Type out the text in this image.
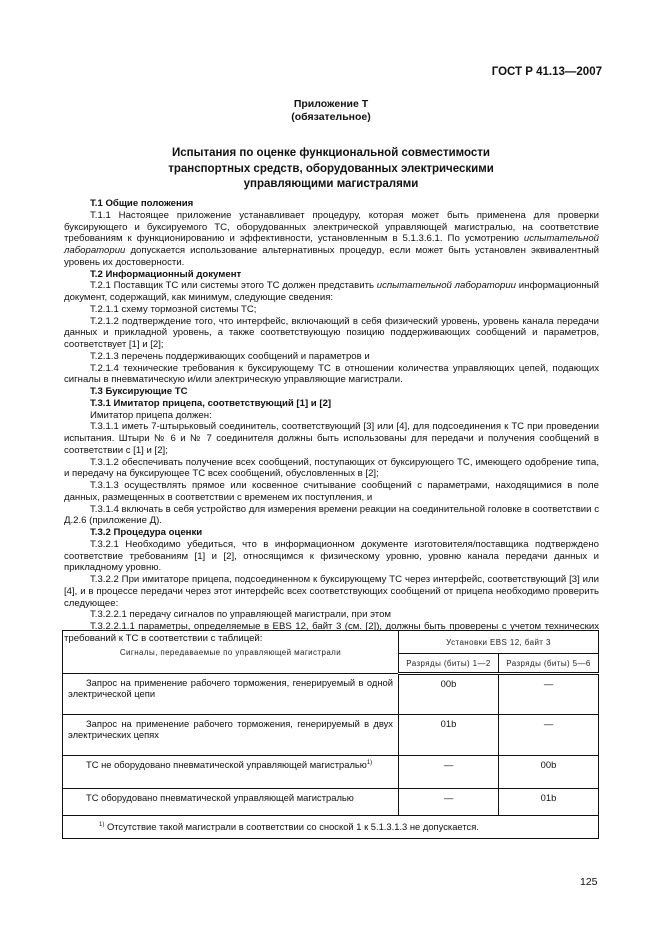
ГОСТ Р 41.13—2007
Приложение Т
(обязательное)
Испытания по оценке функциональной совместимости
транспортных средств, оборудованных электрическими
управляющими магистралями

Т.1 Общие положения

Т.1.1 Настоящее приложение устанавливает процедуру, которая может быть применена для проверки буксирующего и буксируемого ТС, оборудованных электрической управляющей магистралью, на соответствие требованиям к функционированию и эффективности, установленным в 5.1.3.6.1. По усмотрению испытательной лаборатории допускается использование альтернативных процедур, если может быть установлен эквивалентный уровень их достоверности.

Т.2 Информационный документ

Т.2.1 Поставщик ТС или системы этого ТС должен представить испытательной лаборатории информационный документ, содержащий, как минимум, следующие сведения:

Т.2.1.1 схему тормозной системы ТС;

Т.2.1.2 подтверждение того, что интерфейс, включающий в себя физический уровень, уровень канала передачи данных и прикладной уровень, а также соответствующую позицию поддерживающих сообщений и параметров, соответствует [1] и [2];

Т.2.1.3 перечень поддерживающих сообщений и параметров и

Т.2.1.4 технические требования к буксирующему ТС в отношении количества управляющих цепей, подающих сигналы в пневматическую и/или электрическую управляющие магистрали.

Т.3 Буксирующие ТС

Т.3.1 Имитатор прицепа, соответствующий [1] и [2]

Имитатор прицепа должен:

Т.3.1.1 иметь 7-штырьковый соединитель, соответствующий [3] или [4], для подсоединения к ТС при проведении испытания. Штыри № 6 и № 7 соединителя должны быть использованы для передачи и получения сообщений в соответствии с [1] и [2];

Т.3.1.2 обеспечивать получение всех сообщений, поступающих от буксирующего ТС, имеющего одобрение типа, и передачу на буксирующее ТС всех сообщений, обусловленных в [2];

Т.3.1.3 осуществлять прямое или косвенное считывание сообщений с параметрами, находящимися в поле данных, размещенных в соответствии с временем их поступления, и

Т.3.1.4 включать в себя устройство для измерения времени реакции на соединительной головке в соответствии с Д.2.6 (приложение Д).

Т.3.2 Процедура оценки

Т.3.2.1 Необходимо убедиться, что в информационном документе изготовителя/поставщика подтверждено соответствие требованиям [1] и [2], относящимся к физическому уровню, уровню канала передачи данных и прикладному уровню.

Т.3.2.2 При имитаторе прицепа, подсоединенном к буксирующему ТС через интерфейс, соответствующий [3] или [4], и в процессе передачи через этот интерфейс всех соответствующих сообщений от прицепа необходимо проверить следующее:

Т.3.2.2.1 передачу сигналов по управляющей магистрали, при этом

Т.3.2.2.1.1 параметры, определяемые в EBS 12, байт 3 (см. [2]), должны быть проверены с учетом технических требований к ТС в соответствии с таблицей:

Сигналы, передаваемые по управляющей магистрали	Установки EBS 12, байт 3	
	Разряды (биты) 1—2	Разряды (биты) 5—6
Запрос на применение рабочего торможения, генерируемый в одной электрической цепи	00b	—
Запрос на применение рабочего торможения, генерируемый в двух электрических цепях	01b	—
ТС не оборудовано пневматической управляющей магистралью$^{1)}$	—	00b
ТС оборудовано пневматической управляющей магистралью	—	01b
$^{1)}$ Отсутствие такой магистрали в соответствии со сноской 1 к 5.1.3.1.3 не допускается.		
125
